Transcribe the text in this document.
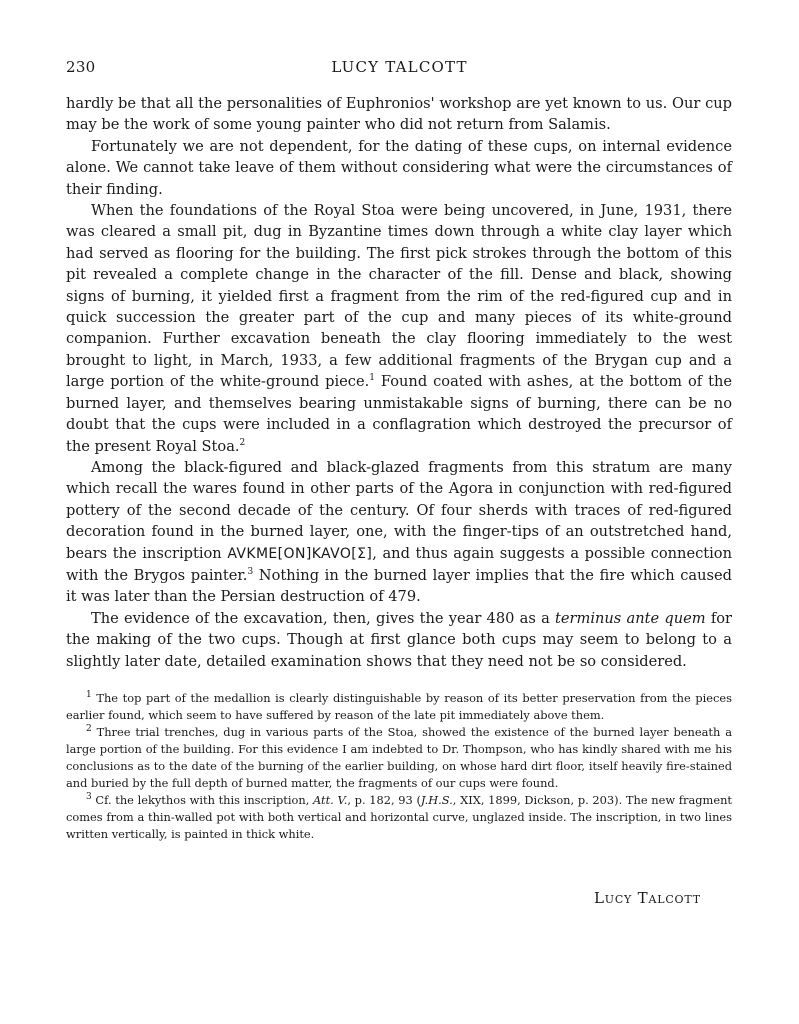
230	LUCY TALCOTT

hardly be that all the personalities of Euphronios' workshop are yet known to us. Our cup may be the work of some young painter who did not return from Salamis.

Fortunately we are not dependent, for the dating of these cups, on internal evidence alone. We cannot take leave of them without considering what were the circumstances of their finding.

When the foundations of the Royal Stoa were being uncovered, in June, 1931, there was cleared a small pit, dug in Byzantine times down through a white clay layer which had served as flooring for the building. The first pick strokes through the bottom of this pit revealed a complete change in the character of the fill. Dense and black, showing signs of burning, it yielded first a fragment from the rim of the red-figured cup and in quick succession the greater part of the cup and many pieces of its white-ground companion. Further excavation beneath the clay flooring immediately to the west brought to light, in March, 1933, a few additional fragments of the Brygan cup and a large portion of the white-ground piece.$^1$ Found coated with ashes, at the bottom of the burned layer, and themselves bearing unmistakable signs of burning, there can be no doubt that the cups were included in a conflagration which destroyed the precursor of the present Royal Stoa.$^2$

Among the black-figured and black-glazed fragments from this stratum are many which recall the wares found in other parts of the Agora in conjunction with red-figured pottery of the second decade of the century. Of four sherds with traces of red-figured decoration found in the burned layer, one, with the finger-tips of an outstretched hand, bears the inscription AVKME[ON]KAVO[Σ], and thus again suggests a possible connection with the Brygos painter.$^3$ Nothing in the burned layer implies that the fire which caused it was later than the Persian destruction of 479.

The evidence of the excavation, then, gives the year 480 as a terminus ante quem for the making of the two cups. Though at first glance both cups may seem to belong to a slightly later date, detailed examination shows that they need not be so considered.

$^1$ The top part of the medallion is clearly distinguishable by reason of its better preservation from the pieces earlier found, which seem to have suffered by reason of the late pit immediately above them.

$^2$ Three trial trenches, dug in various parts of the Stoa, showed the existence of the burned layer beneath a large portion of the building. For this evidence I am indebted to Dr. Thompson, who has kindly shared with me his conclusions as to the date of the burning of the earlier building, on whose hard dirt floor, itself heavily fire-stained and buried by the full depth of burned matter, the fragments of our cups were found.

$^3$ Cf. the lekythos with this inscription, Att. V., p. 182, 93 (J.H.S., XIX, 1899, Dickson, p. 203). The new fragment comes from a thin-walled pot with both vertical and horizontal curve, unglazed inside. The inscription, in two lines written vertically, is painted in thick white.

Lucy Talcott
